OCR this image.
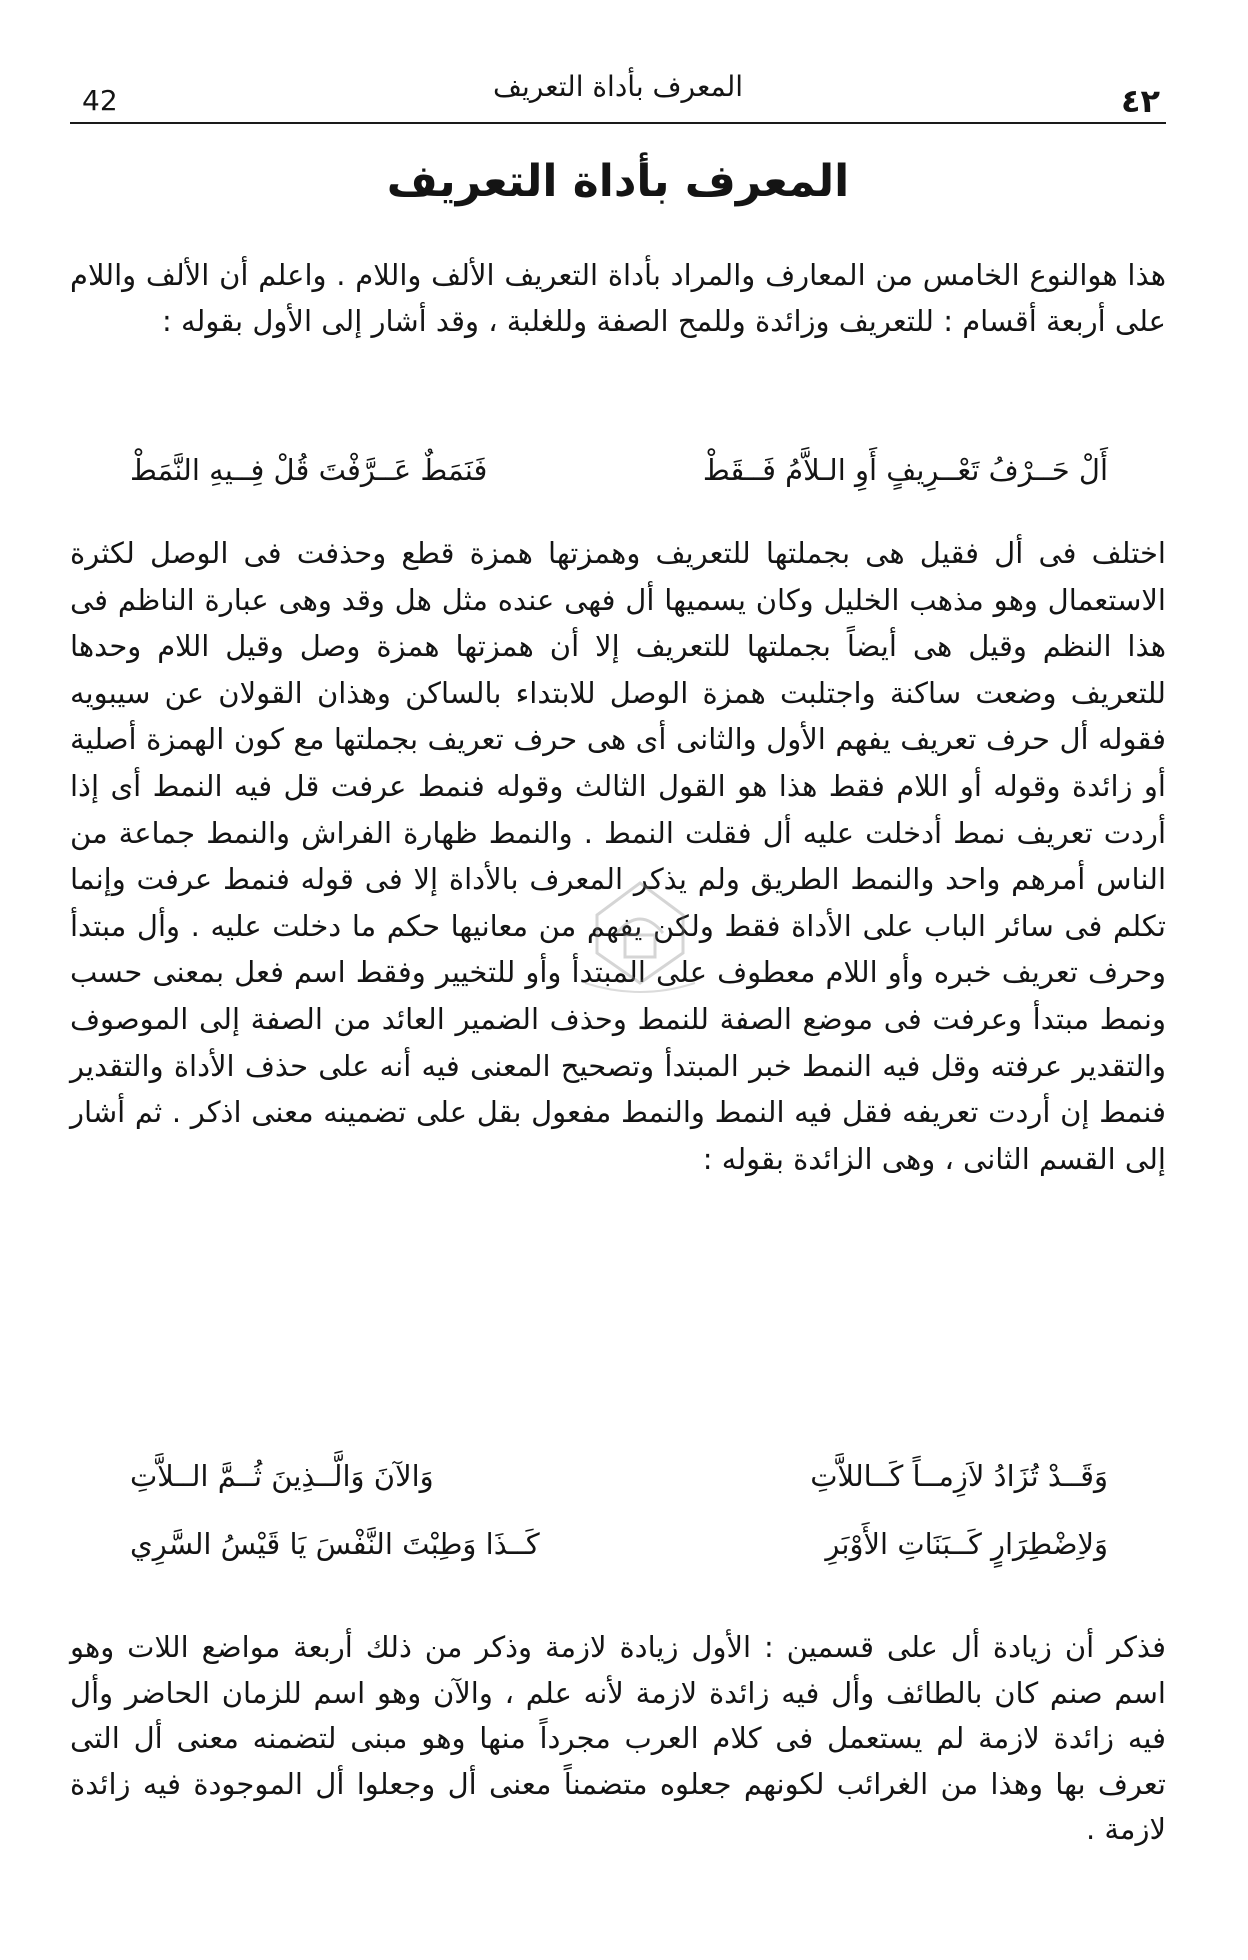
42	المعرف بأداة التعريف	٤٢
المعرف بأداة التعريف

هذا هوالنوع الخامس من المعارف والمراد بأداة التعريف الألف واللام . واعلم أن الألف واللام على أربعة أقسام : للتعريف وزائدة وللمح الصفة وللغلبة ، وقد أشار إلى الأول بقوله :

أَلْ حَــرْفُ تَعْــرِيفٍ أَوِ الـلاَّمُ فَــقَطْ
فَنَمَطٌ عَــرَّفْتَ قُلْ فِــيهِ النَّمَطْ

اختلف فى أل فقيل هى بجملتها للتعريف وهمزتها همزة قطع وحذفت فى الوصل لكثرة الاستعمال وهو مذهب الخليل وكان يسميها أل فهى عنده مثل هل وقد وهى عبارة الناظم فى هذا النظم وقيل هى أيضاً بجملتها للتعريف إلا أن همزتها همزة وصل وقيل اللام وحدها للتعريف وضعت ساكنة واجتلبت همزة الوصل للابتداء بالساكن وهذان القولان عن سيبويه فقوله أل حرف تعريف يفهم الأول والثانى أى هى حرف تعريف بجملتها مع كون الهمزة أصلية أو زائدة وقوله أو اللام فقط هذا هو القول الثالث وقوله فنمط عرفت قل فيه النمط أى إذا أردت تعريف نمط أدخلت عليه أل فقلت النمط . والنمط ظهارة الفراش والنمط جماعة من الناس أمرهم واحد والنمط الطريق ولم يذكر المعرف بالأداة إلا فى قوله فنمط عرفت وإنما تكلم فى سائر الباب على الأداة فقط ولكن يفهم من معانيها حكم ما دخلت عليه . وأل مبتدأ وحرف تعريف خبره وأو اللام معطوف على المبتدأ وأو للتخيير وفقط اسم فعل بمعنى حسب ونمط مبتدأ وعرفت فى موضع الصفة للنمط وحذف الضمير العائد من الصفة إلى الموصوف والتقدير عرفته وقل فيه النمط خبر المبتدأ وتصحيح المعنى فيه أنه على حذف الأداة والتقدير فنمط إن أردت تعريفه فقل فيه النمط والنمط مفعول بقل على تضمينه معنى اذكر . ثم أشار إلى القسم الثانى ، وهى الزائدة بقوله :

وَقَــدْ تُزَادُ لاَزِمــاً كَــاللاَّتِ
وَالآنَ وَالَّــذِينَ ثُــمَّ الــلاَّتِ
وَلاِضْطِرَارٍ كَــبَنَاتِ الأَوْبَرِ
كَــذَا وَطِبْتَ النَّفْسَ يَا قَيْسُ السَّرِي

فذكر أن زيادة أل على قسمين : الأول زيادة لازمة وذكر من ذلك أربعة مواضع اللات وهو اسم صنم كان بالطائف وأل فيه زائدة لازمة لأنه علم ، والآن وهو اسم للزمان الحاضر وأل فيه زائدة لازمة لم يستعمل فى كلام العرب مجرداً منها وهو مبنى لتضمنه معنى أل التى تعرف بها وهذا من الغرائب لكونهم جعلوه متضمناً معنى أل وجعلوا أل الموجودة فيه زائدة لازمة .
